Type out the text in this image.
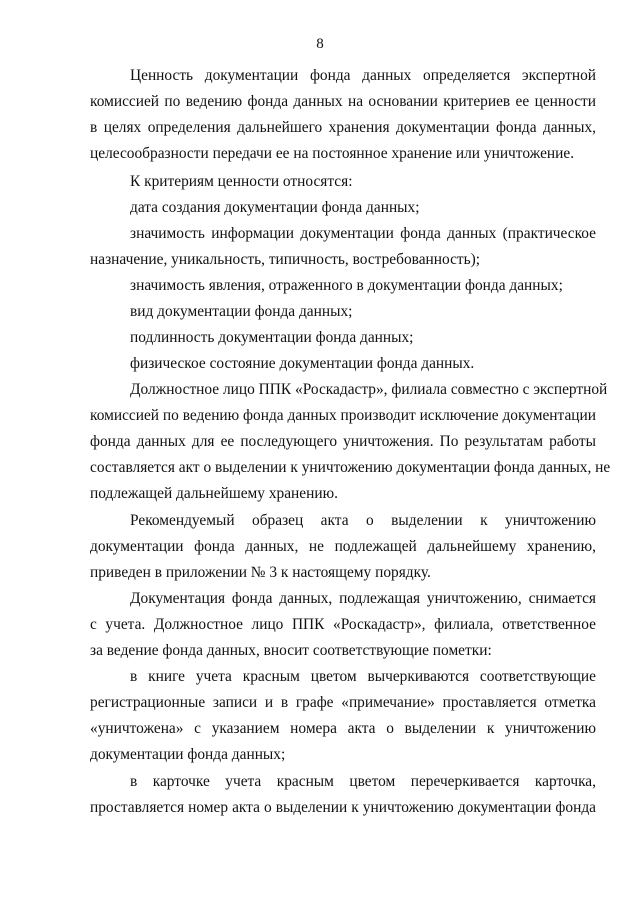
8
Ценность документации фонда данных определяется экспертной
комиссией по ведению фонда данных на основании критериев ее ценности
в целях определения дальнейшего хранения документации фонда данных,
целесообразности передачи ее на постоянное хранение или уничтожение.
К критериям ценности относятся:
дата создания документации фонда данных;
значимость информации документации фонда данных (практическое
назначение, уникальность, типичность, востребованность);
значимость явления, отраженного в документации фонда данных;
вид документации фонда данных;
подлинность документации фонда данных;
физическое состояние документации фонда данных.
Должностное лицо ППК «Роскадастр», филиала совместно с экспертной
комиссией по ведению фонда данных производит исключение документации
фонда данных для ее последующего уничтожения. По результатам работы
составляется акт о выделении к уничтожению документации фонда данных, не
подлежащей дальнейшему хранению.
Рекомендуемый образец акта о выделении к уничтожению
документации фонда данных, не подлежащей дальнейшему хранению,
приведен в приложении № 3 к настоящему порядку.
Документация фонда данных, подлежащая уничтожению, снимается
с учета. Должностное лицо ППК «Роскадастр», филиала, ответственное
за ведение фонда данных, вносит соответствующие пометки:
в книге учета красным цветом вычеркиваются соответствующие
регистрационные записи и в графе «примечание» проставляется отметка
«уничтожена» с указанием номера акта о выделении к уничтожению
документации фонда данных;
в карточке учета красным цветом перечеркивается карточка,
проставляется номер акта о выделении к уничтожению документации фонда
